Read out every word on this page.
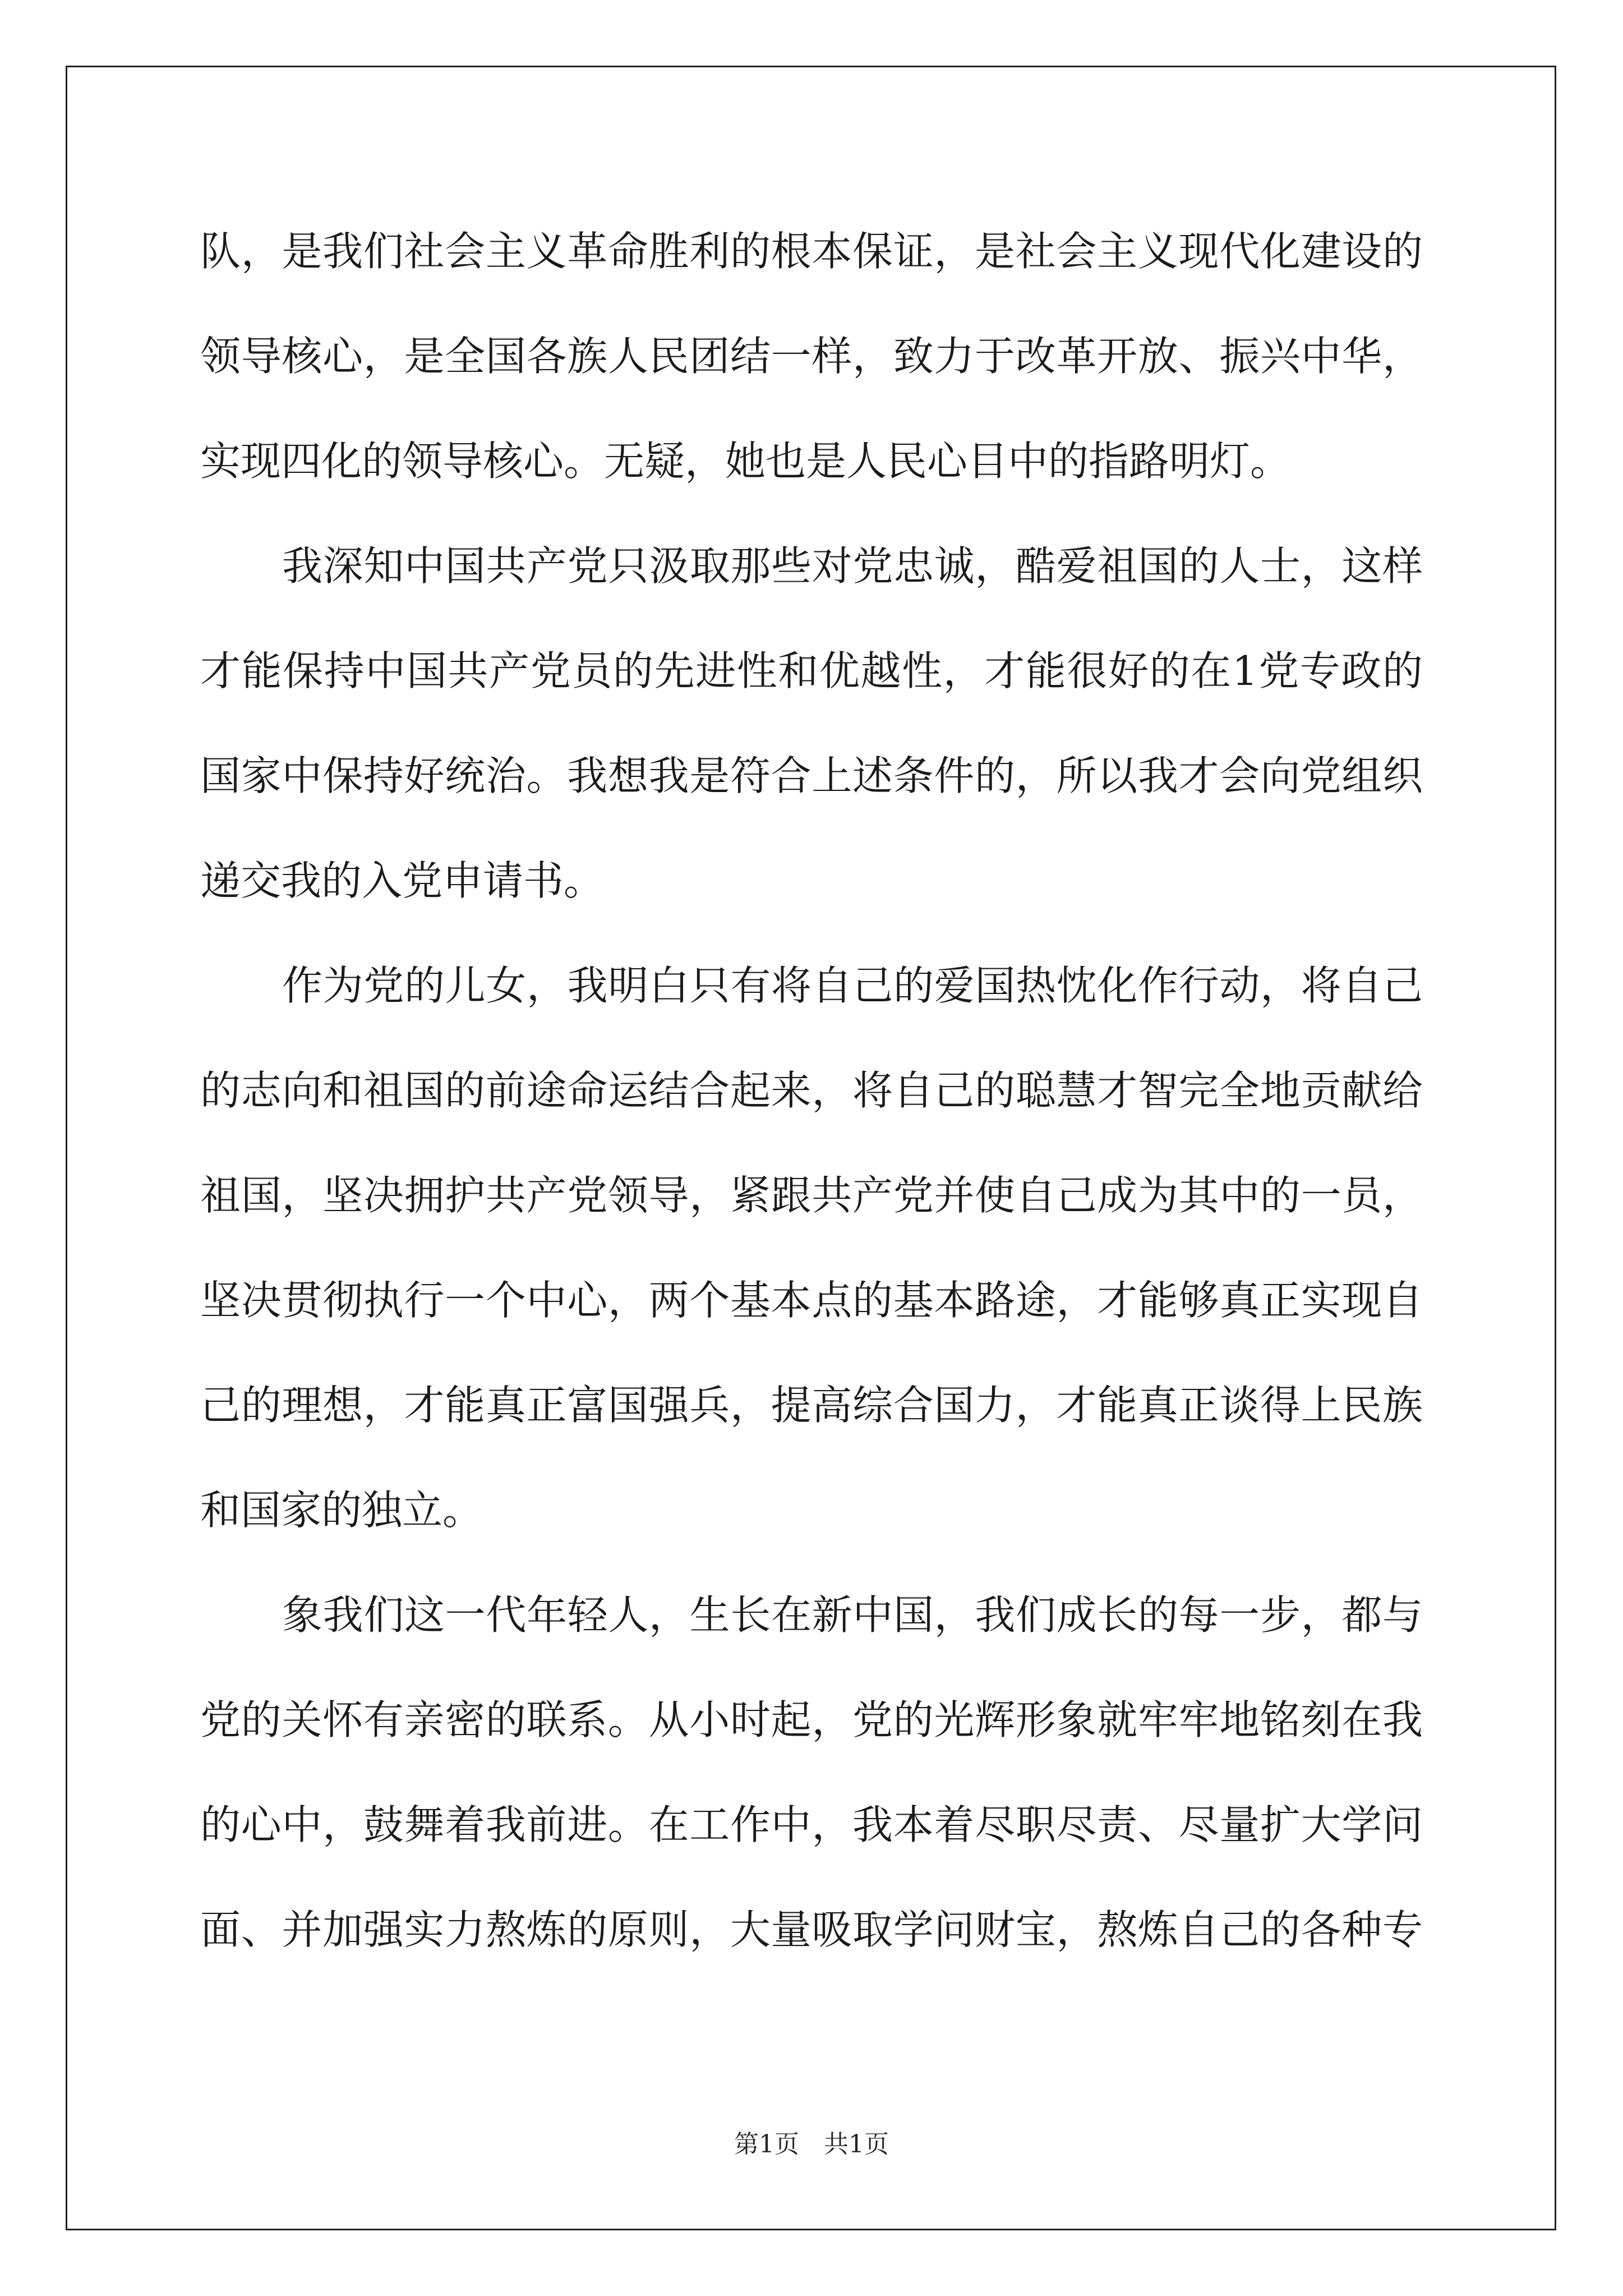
队，是我们社会主义革命胜利的根本保证，是社会主义现代化建设的
领导核心，是全国各族人民团结一样，致力于改革开放、振兴中华，
实现四化的领导核心。无疑，她也是人民心目中的指路明灯。
我深知中国共产党只汲取那些对党忠诚，酷爱祖国的人士，这样
才能保持中国共产党员的先进性和优越性，才能很好的在1党专政的
国家中保持好统治。我想我是符合上述条件的，所以我才会向党组织
递交我的入党申请书。
作为党的儿女，我明白只有将自己的爱国热忱化作行动，将自己
的志向和祖国的前途命运结合起来，将自己的聪慧才智完全地贡献给
祖国，坚决拥护共产党领导，紧跟共产党并使自己成为其中的一员，
坚决贯彻执行一个中心，两个基本点的基本路途，才能够真正实现自
己的理想，才能真正富国强兵，提高综合国力，才能真正谈得上民族
和国家的独立。
象我们这一代年轻人，生长在新中国，我们成长的每一步，都与
党的关怀有亲密的联系。从小时起，党的光辉形象就牢牢地铭刻在我
的心中，鼓舞着我前进。在工作中，我本着尽职尽责、尽量扩大学问
面、并加强实力熬炼的原则，大量吸取学问财宝，熬炼自己的各种专
第1页　共1页
